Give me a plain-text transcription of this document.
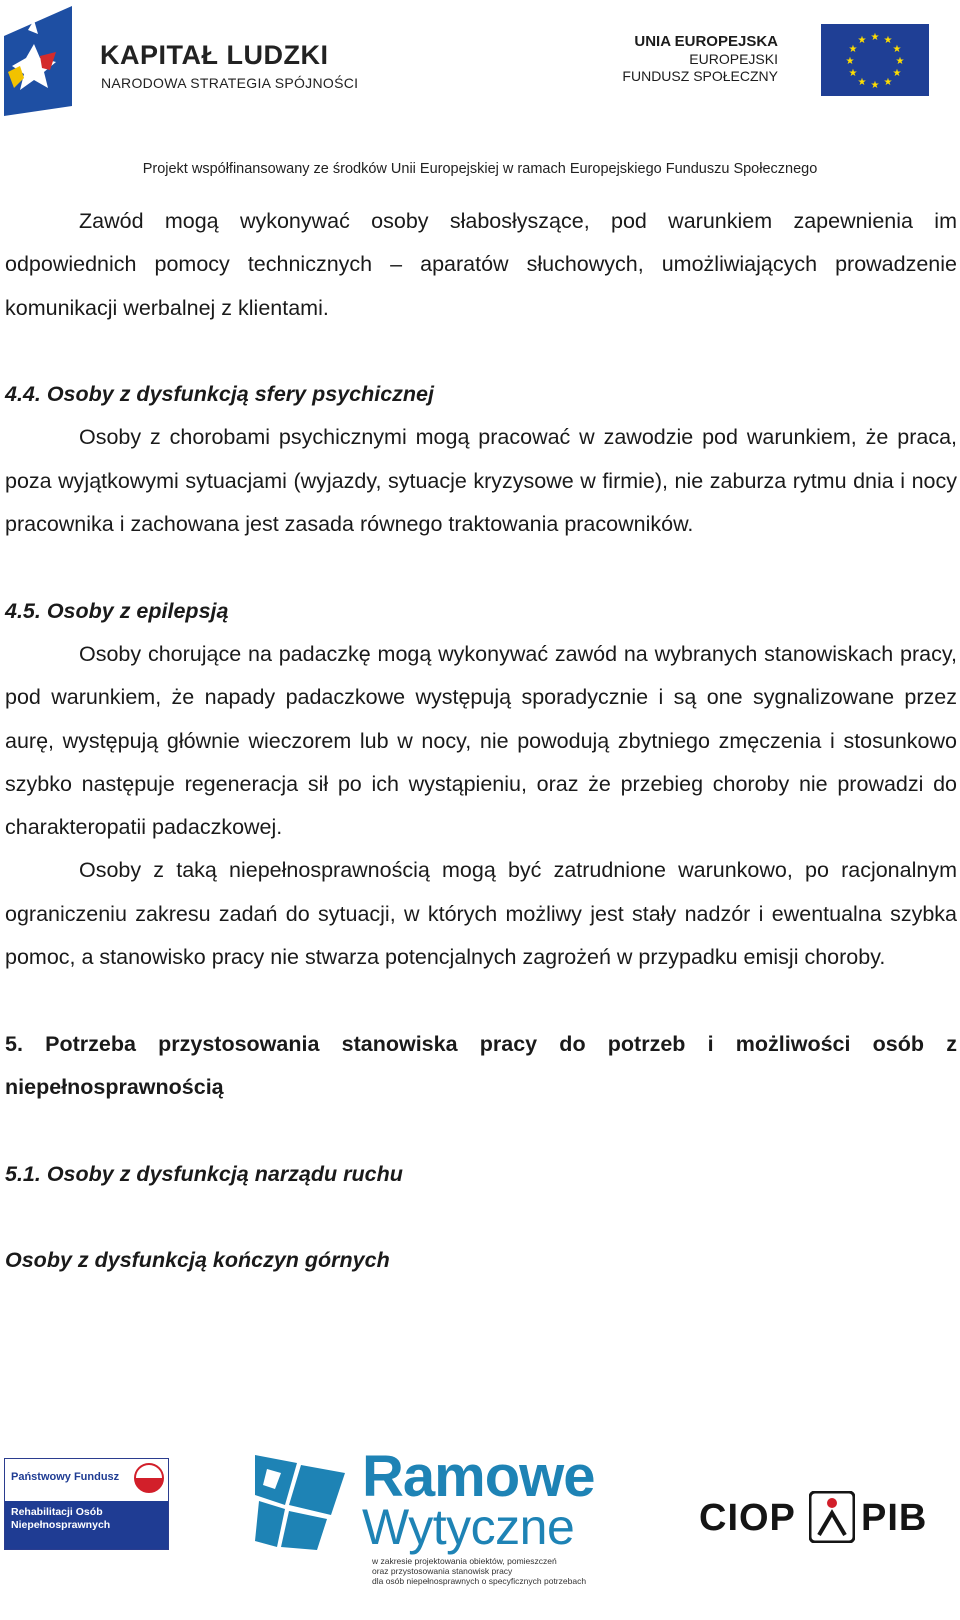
KAPITAŁ LUDZKI
NARODOWA STRATEGIA SPÓJNOŚCI
UNIA EUROPEJSKA
EUROPEJSKI
FUNDUSZ SPOŁECZNY
★ ★
★
★
★
★
★
★
★
★
★
★
Projekt współfinansowany ze środków Unii Europejskiej w ramach Europejskiego Funduszu Społecznego

Zawód mogą wykonywać osoby słabosłyszące, pod warunkiem zapewnienia im odpowiednich pomocy technicznych – aparatów słuchowych, umożliwiających prowadzenie komunikacji werbalnej z klientami.

4.4. Osoby z dysfunkcją sfery psychicznej

Osoby z chorobami psychicznymi mogą pracować w zawodzie pod warunkiem, że praca, poza wyjątkowymi sytuacjami (wyjazdy, sytuacje kryzysowe w firmie), nie zaburza rytmu dnia i nocy pracownika i zachowana jest zasada równego traktowania pracowników.

4.5. Osoby z epilepsją

Osoby chorujące na padaczkę mogą wykonywać zawód na wybranych stanowiskach pracy, pod warunkiem, że napady padaczkowe występują sporadycznie i są one sygnalizowane przez aurę, występują głównie wieczorem lub w nocy, nie powodują zbytniego zmęczenia i stosunkowo szybko następuje regeneracja sił po ich wystąpieniu, oraz że przebieg choroby nie prowadzi do charakteropatii padaczkowej.

Osoby z taką niepełnosprawnością mogą być zatrudnione warunkowo, po racjonalnym ograniczeniu zakresu zadań do sytuacji, w których możliwy jest stały nadzór i ewentualna szybka pomoc, a stanowisko pracy nie stwarza potencjalnych zagrożeń w przypadku emisji choroby.

5. Potrzeba przystosowania stanowiska pracy do potrzeb i możliwości osób z niepełnosprawnością

5.1. Osoby z dysfunkcją narządu ruchu

Osoby z dysfunkcją kończyn górnych

Państwowy Fundusz
Rehabilitacji Osób
Niepełnosprawnych
Ramowe
Wytyczne
w zakresie projektowania obiektów, pomieszczeń
oraz przystosowania stanowisk pracy
dla osób niepełnosprawnych o specyficznych potrzebach
CIOP PIB
